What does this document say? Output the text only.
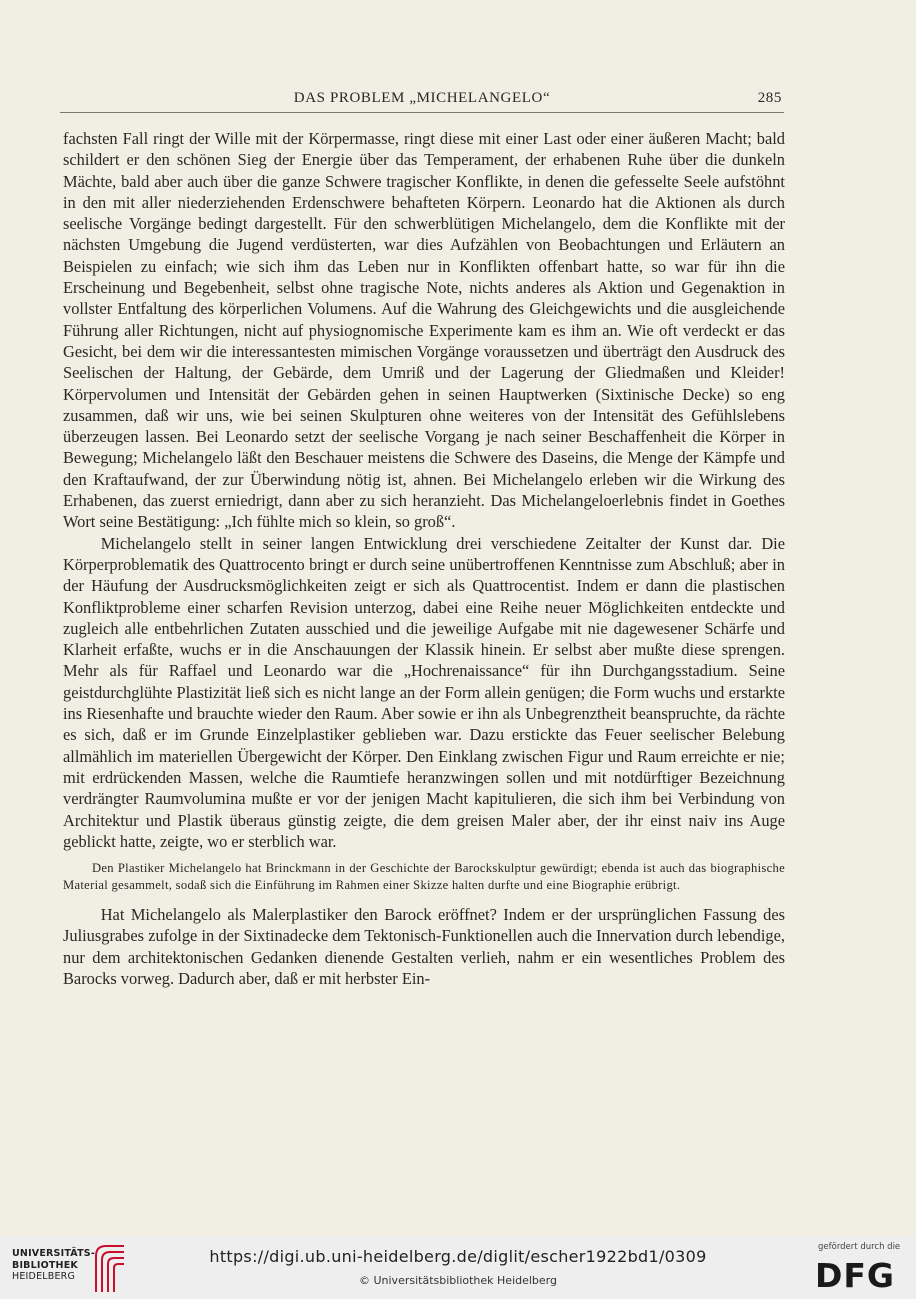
DAS PROBLEM „MICHELANGELO“	285

fachsten Fall ringt der Wille mit der Körpermasse, ringt diese mit einer Last oder einer äußeren Macht; bald schildert er den schönen Sieg der Energie über das Temperament, der erhabenen Ruhe über die dunkeln Mächte, bald aber auch über die ganze Schwere tragischer Konflikte, in denen die gefesselte Seele aufstöhnt in den mit aller niederziehenden Erdenschwere behafteten Körpern. Leonardo hat die Aktionen als durch seelische Vorgänge bedingt dargestellt. Für den schwerblütigen Michelangelo, dem die Konflikte mit der nächsten Umgebung die Jugend verdüsterten, war dies Aufzählen von Beobachtungen und Erläutern an Beispielen zu einfach; wie sich ihm das Leben nur in Konflikten offenbart hatte, so war für ihn die Erscheinung und Begebenheit, selbst ohne tragische Note, nichts anderes als Aktion und Gegenaktion in vollster Entfaltung des körperlichen Volumens. Auf die Wahrung des Gleichgewichts und die ausgleichende Führung aller Richtungen, nicht auf physiognomische Experimente kam es ihm an. Wie oft verdeckt er das Gesicht, bei dem wir die interessantesten mimischen Vorgänge voraussetzen und überträgt den Ausdruck des Seelischen der Haltung, der Gebärde, dem Umriß und der Lagerung der Gliedmaßen und Kleider! Körpervolumen und Intensität der Gebärden gehen in seinen Hauptwerken (Sixtinische Decke) so eng zusammen, daß wir uns, wie bei seinen Skulpturen ohne weiteres von der Intensität des Gefühlslebens überzeugen lassen. Bei Leonardo setzt der seelische Vorgang je nach seiner Beschaffenheit die Körper in Bewegung; Michelangelo läßt den Beschauer meistens die Schwere des Daseins, die Menge der Kämpfe und den Kraftaufwand, der zur Überwindung nötig ist, ahnen. Bei Michelangelo erleben wir die Wirkung des Erhabenen, das zuerst erniedrigt, dann aber zu sich heranzieht. Das Michelangeloerlebnis findet in Goethes Wort seine Bestätigung: „Ich fühlte mich so klein, so groß“.

Michelangelo stellt in seiner langen Entwicklung drei verschiedene Zeitalter der Kunst dar. Die Körperproblematik des Quattrocento bringt er durch seine unübertroffenen Kenntnisse zum Abschluß; aber in der Häufung der Ausdrucksmöglichkeiten zeigt er sich als Quattrocentist. Indem er dann die plastischen Konfliktprobleme einer scharfen Revision unterzog, dabei eine Reihe neuer Möglichkeiten entdeckte und zugleich alle entbehrlichen Zutaten ausschied und die jeweilige Aufgabe mit nie dagewesener Schärfe und Klarheit erfaßte, wuchs er in die Anschauungen der Klassik hinein. Er selbst aber mußte diese sprengen. Mehr als für Raffael und Leonardo war die „Hochrenaissance“ für ihn Durchgangsstadium. Seine geistdurchglühte Plastizität ließ sich es nicht lange an der Form allein genügen; die Form wuchs und erstarkte ins Riesenhafte und brauchte wieder den Raum. Aber sowie er ihn als Unbegrenztheit beanspruchte, da rächte es sich, daß er im Grunde Einzelplastiker geblieben war. Dazu erstickte das Feuer seelischer Belebung allmählich im materiellen Übergewicht der Körper. Den Einklang zwischen Figur und Raum erreichte er nie; mit erdrückenden Massen, welche die Raumtiefe heranzwingen sollen und mit notdürftiger Bezeichnung verdrängter Raumvolumina mußte er vor der jenigen Macht kapitulieren, die sich ihm bei Verbindung von Architektur und Plastik überaus günstig zeigte, die dem greisen Maler aber, der ihr einst naiv ins Auge geblickt hatte, zeigte, wo er sterblich war.

Den Plastiker Michelangelo hat Brinckmann in der Geschichte der Barockskulptur gewürdigt; ebenda ist auch das biographische Material gesammelt, sodaß sich die Einführung im Rahmen einer Skizze halten durfte und eine Biographie erübrigt.

Hat Michelangelo als Malerplastiker den Barock eröffnet? Indem er der ursprünglichen Fassung des Juliusgrabes zufolge in der Sixtinadecke dem Tektonisch-Funktionellen auch die Innervation durch lebendige, nur dem architektonischen Gedanken dienende Gestalten verlieh, nahm er ein wesentliches Problem des Barocks vorweg. Dadurch aber, daß er mit herbster Ein-

UNIVERSITÄTS-
BIBLIOTHEK
HEIDELBERG
https://digi.ub.uni-heidelberg.de/diglit/escher1922bd1/0309
© Universitätsbibliothek Heidelberg
gefördert durch die
DFG
